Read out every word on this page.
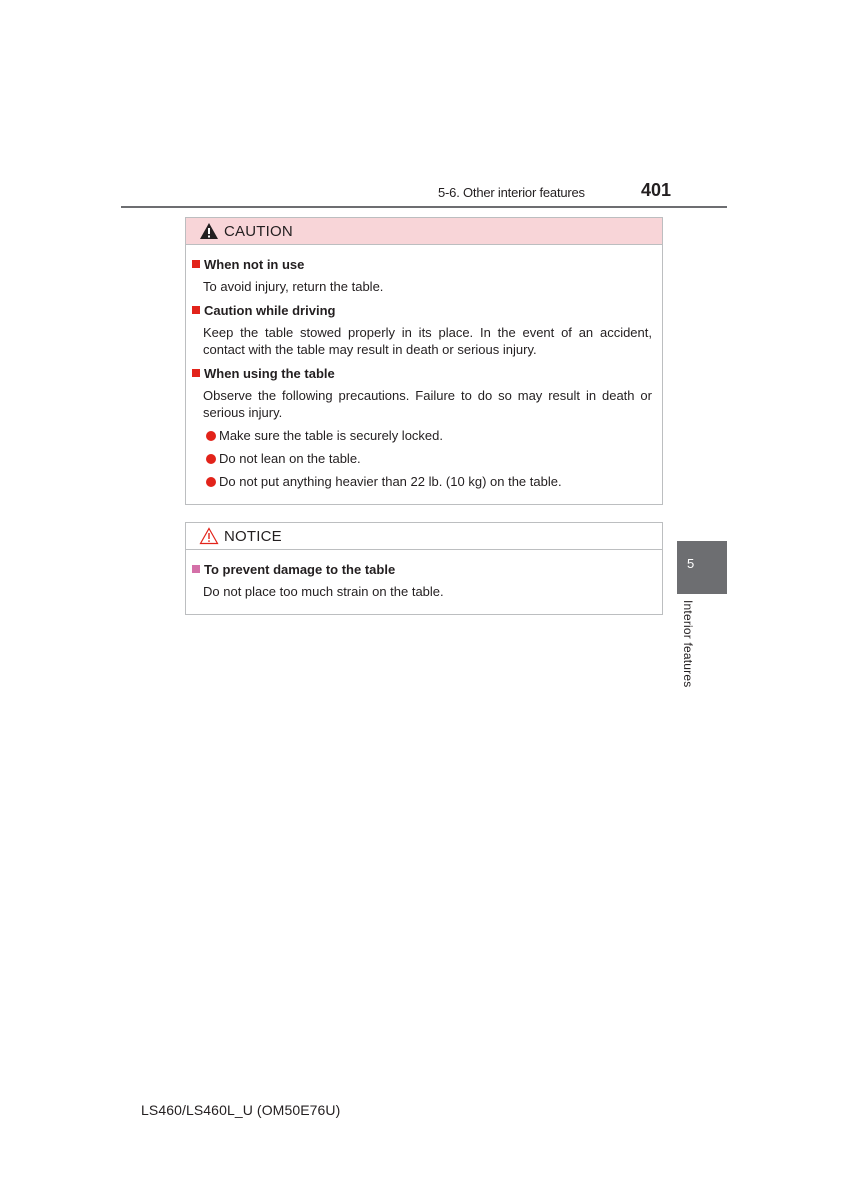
5-6. Other interior features	401
CAUTION
When not in use
To avoid injury, return the table.
Caution while driving
Keep the table stowed properly in its place. In the event of an accident, contact with the table may result in death or serious injury.
When using the table
Observe the following precautions. Failure to do so may result in death or serious injury.
Make sure the table is securely locked.
Do not lean on the table.
Do not put anything heavier than 22 lb. (10 kg) on the table.
NOTICE
To prevent damage to the table
Do not place too much strain on the table.
5
Interior features
LS460/LS460L_U (OM50E76U)
